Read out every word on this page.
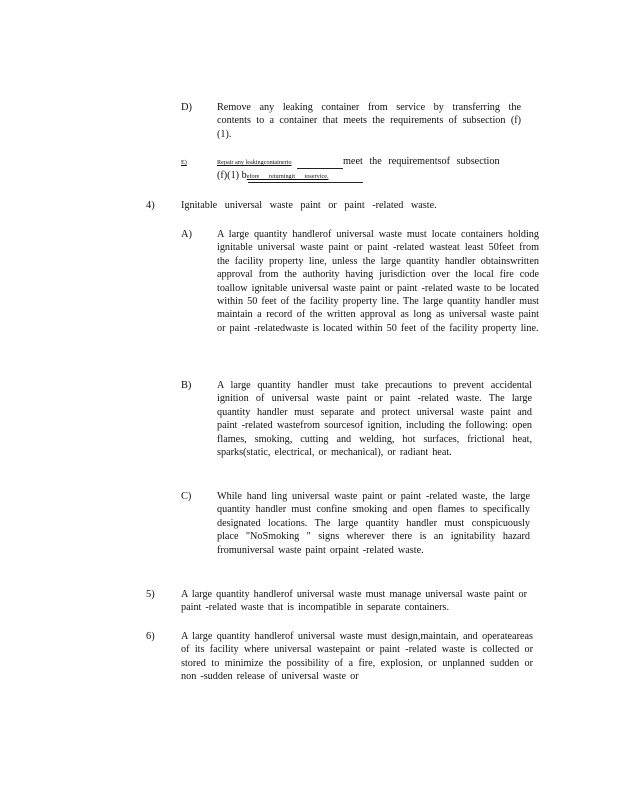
D) Remove any leaking container from service by transferring the contents to a container that meets the requirements of subsection (f)(1).
E)	Repair any leakingcontainerto	meet the requirementsof subsection
(f)(1) before returningit toservice.
4)	Ignitable universal waste paint or paint -related waste.
A) A large quantity handlerof universal waste must locate containers holding ignitable universal waste paint or paint -related wasteat least 50feet from the facility property line, unless the large quantity handler obtainswritten approval from the authority having jurisdiction over the local fire code toallow ignitable universal waste paint or paint -related waste to be located within 50 feet of the facility property line. The large quantity handler must maintain a record of the written approval as long as universal waste paint or paint -relatedwaste is located within 50 feet of the facility property line.
B)	A large quantity handler must take precautions to prevent accidental ignition of universal waste paint or paint -related waste. The large quantity handler must separate and protect universal waste paint and paint -related wastefrom sourcesof ignition, including the following: open flames, smoking, cutting and welding, hot surfaces, frictional heat, sparks(static, electrical, or mechanical), or radiant heat.
C)	While hand ling universal waste paint or paint -related waste, the large quantity handler must confine smoking and open flames to specifically designated locations. The large quantity handler must conspicuously place "NoSmoking " signs wherever there is an ignitability hazard fromuniversal waste paint orpaint -related waste.
5)	A large quantity handlerof universal waste must manage universal waste paint or paint -related waste that is incompatible in separate containers.
6)	A large quantity handlerof universal waste must design,maintain, and operateareas of its facility where universal wastepaint or paint -related waste is collected or stored to minimize the possibility of a fire, explosion, or unplanned sudden or non -sudden release of universal waste or
